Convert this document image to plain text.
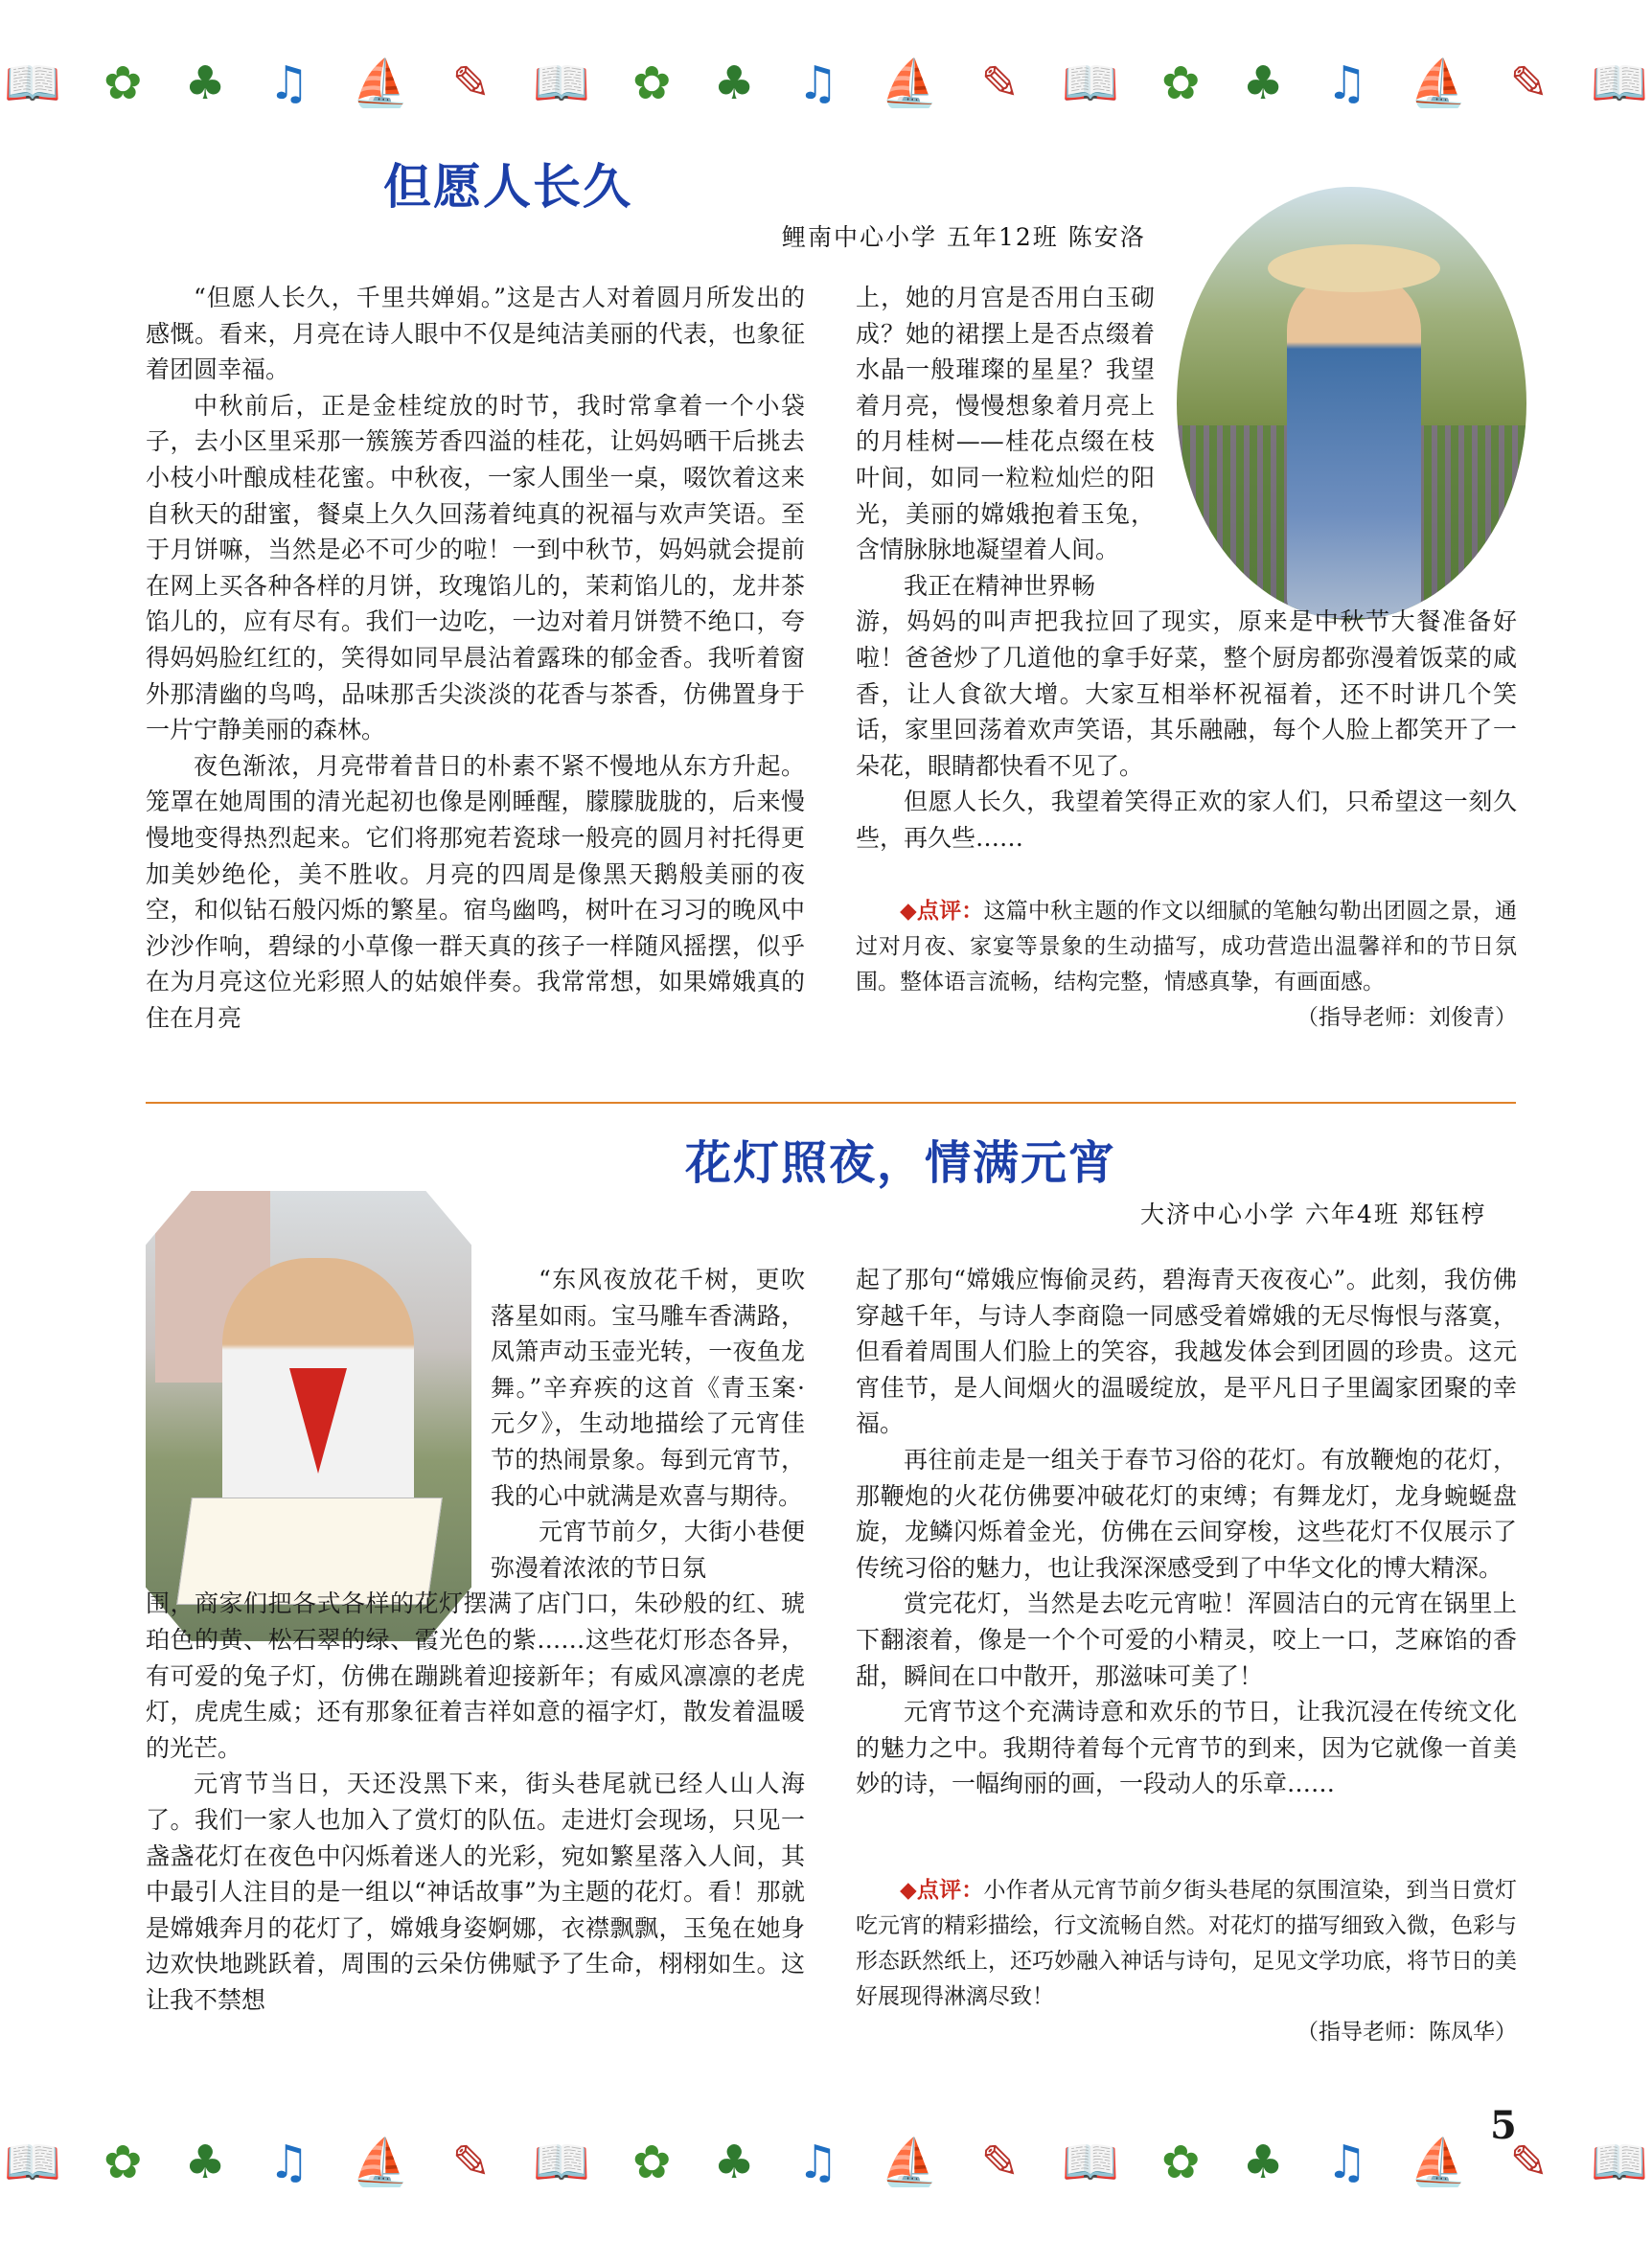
📖 ✿ ♣ ♫ ⛵ ✎ 📖 ✿ ♣ ♫ ⛵ ✎ 📖 ✿ ♣ ♫ ⛵ ✎ 📖
但愿人长久
鲤南中心小学 五年12班 陈安洛

“但愿人长久，千里共婵娟。”这是古人对着圆月所发出的感慨。看来，月亮在诗人眼中不仅是纯洁美丽的代表，也象征着团圆幸福。

中秋前后，正是金桂绽放的时节，我时常拿着一个小袋子，去小区里采那一簇簇芳香四溢的桂花，让妈妈晒干后挑去小枝小叶酿成桂花蜜。中秋夜，一家人围坐一桌，啜饮着这来自秋天的甜蜜，餐桌上久久回荡着纯真的祝福与欢声笑语。至于月饼嘛，当然是必不可少的啦！一到中秋节，妈妈就会提前在网上买各种各样的月饼，玫瑰馅儿的，茉莉馅儿的，龙井茶馅儿的，应有尽有。我们一边吃，一边对着月饼赞不绝口，夸得妈妈脸红红的，笑得如同早晨沾着露珠的郁金香。我听着窗外那清幽的鸟鸣，品味那舌尖淡淡的花香与茶香，仿佛置身于一片宁静美丽的森林。

夜色渐浓，月亮带着昔日的朴素不紧不慢地从东方升起。笼罩在她周围的清光起初也像是刚睡醒，朦朦胧胧的，后来慢慢地变得热烈起来。它们将那宛若瓷球一般亮的圆月衬托得更加美妙绝伦，美不胜收。月亮的四周是像黑天鹅般美丽的夜空，和似钻石般闪烁的繁星。宿鸟幽鸣，树叶在习习的晚风中沙沙作响，碧绿的小草像一群天真的孩子一样随风摇摆，似乎在为月亮这位光彩照人的姑娘伴奏。我常常想，如果嫦娥真的住在月亮

上，她的月宫是否用白玉砌成？她的裙摆上是否点缀着水晶一般璀璨的星星？我望着月亮，慢慢想象着月亮上的月桂树——桂花点缀在枝叶间，如同一粒粒灿烂的阳光，美丽的嫦娥抱着玉兔，含情脉脉地凝望着人间。

我正在精神世界畅

游，妈妈的叫声把我拉回了现实，原来是中秋节大餐准备好啦！爸爸炒了几道他的拿手好菜，整个厨房都弥漫着饭菜的咸香，让人食欲大增。大家互相举杯祝福着，还不时讲几个笑话，家里回荡着欢声笑语，其乐融融，每个人脸上都笑开了一朵花，眼睛都快看不见了。

但愿人长久，我望着笑得正欢的家人们，只希望这一刻久些，再久些……

◆点评：这篇中秋主题的作文以细腻的笔触勾勒出团圆之景，通过对月夜、家宴等景象的生动描写，成功营造出温馨祥和的节日氛围。整体语言流畅，结构完整，情感真挚，有画面感。
（指导老师：刘俊青）
花灯照夜，情满元宵
大济中心小学 六年4班 郑钰梈

“东风夜放花千树，更吹落星如雨。宝马雕车香满路，凤箫声动玉壶光转，一夜鱼龙舞。”辛弃疾的这首《青玉案·元夕》，生动地描绘了元宵佳节的热闹景象。每到元宵节，我的心中就满是欢喜与期待。

元宵节前夕，大街小巷便弥漫着浓浓的节日氛

围，商家们把各式各样的花灯摆满了店门口，朱砂般的红、琥珀色的黄、松石翠的绿、霞光色的紫……这些花灯形态各异，有可爱的兔子灯，仿佛在蹦跳着迎接新年；有威风凛凛的老虎灯，虎虎生威；还有那象征着吉祥如意的福字灯，散发着温暖的光芒。

元宵节当日，天还没黑下来，街头巷尾就已经人山人海了。我们一家人也加入了赏灯的队伍。走进灯会现场，只见一盏盏花灯在夜色中闪烁着迷人的光彩，宛如繁星落入人间，其中最引人注目的是一组以“神话故事”为主题的花灯。看！那就是嫦娥奔月的花灯了，嫦娥身姿婀娜，衣襟飘飘，玉兔在她身边欢快地跳跃着，周围的云朵仿佛赋予了生命，栩栩如生。这让我不禁想

起了那句“嫦娥应悔偷灵药，碧海青天夜夜心”。此刻，我仿佛穿越千年，与诗人李商隐一同感受着嫦娥的无尽悔恨与落寞，但看着周围人们脸上的笑容，我越发体会到团圆的珍贵。这元宵佳节，是人间烟火的温暖绽放，是平凡日子里阖家团聚的幸福。

再往前走是一组关于春节习俗的花灯。有放鞭炮的花灯，那鞭炮的火花仿佛要冲破花灯的束缚；有舞龙灯，龙身蜿蜒盘旋，龙鳞闪烁着金光，仿佛在云间穿梭，这些花灯不仅展示了传统习俗的魅力，也让我深深感受到了中华文化的博大精深。

赏完花灯，当然是去吃元宵啦！浑圆洁白的元宵在锅里上下翻滚着，像是一个个可爱的小精灵，咬上一口，芝麻馅的香甜，瞬间在口中散开，那滋味可美了！

元宵节这个充满诗意和欢乐的节日，让我沉浸在传统文化的魅力之中。我期待着每个元宵节的到来，因为它就像一首美妙的诗，一幅绚丽的画，一段动人的乐章……

◆点评：小作者从元宵节前夕街头巷尾的氛围渲染，到当日赏灯吃元宵的精彩描绘，行文流畅自然。对花灯的描写细致入微，色彩与形态跃然纸上，还巧妙融入神话与诗句，足见文学功底，将节日的美好展现得淋漓尽致！
（指导老师：陈凤华）
5
📖 ✿ ♣ ♫ ⛵ ✎ 📖 ✿ ♣ ♫ ⛵ ✎ 📖 ✿ ♣ ♫ ⛵ ✎ 📖
